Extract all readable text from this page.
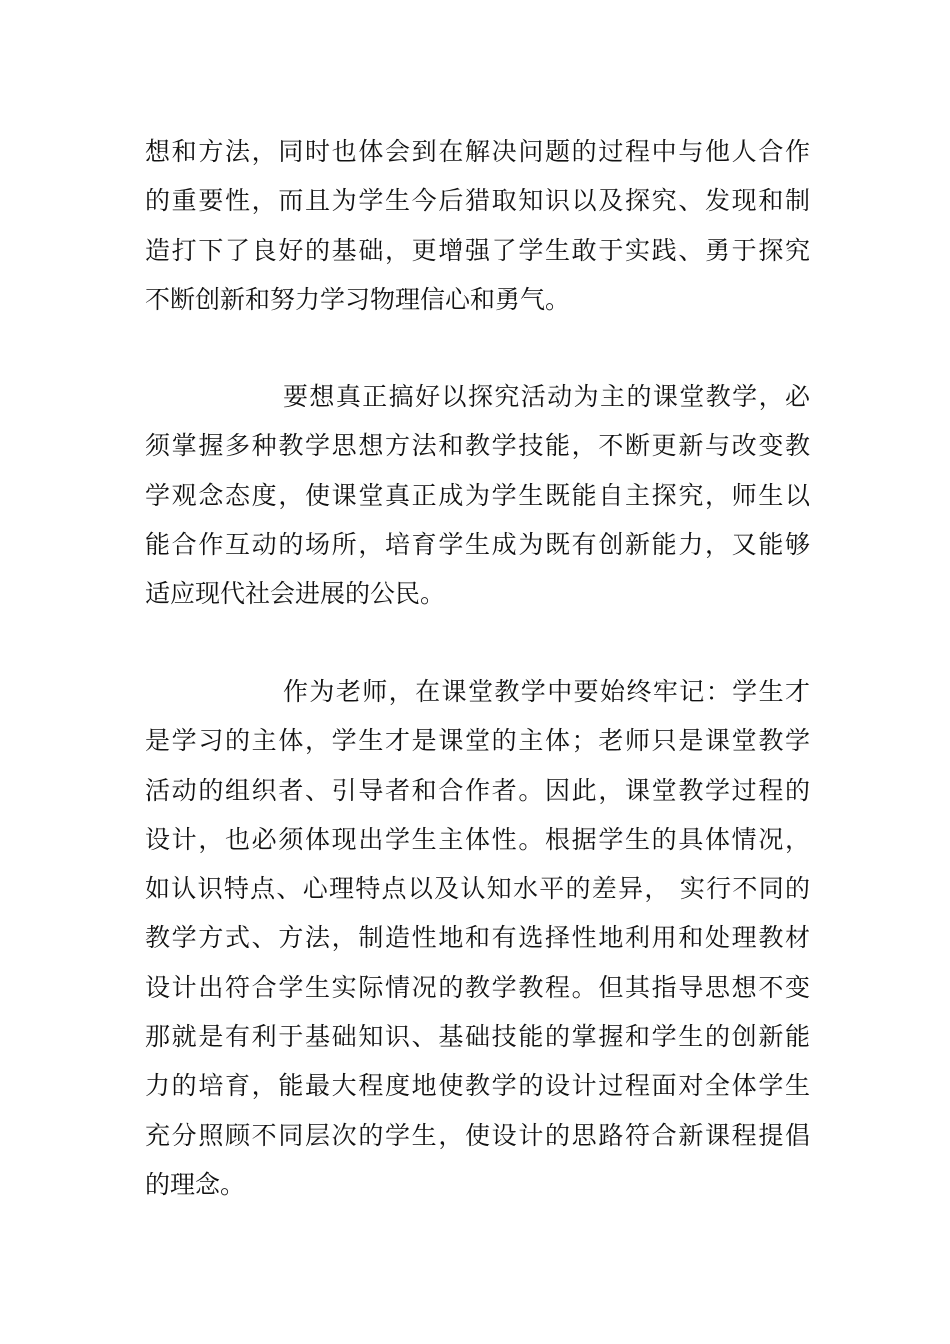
想和方法，同时也体会到在解决问题的过程中与他人合作
的重要性，而且为学生今后猎取知识以及探究、发现和制
造打下了良好的基础，更增强了学生敢于实践、勇于探究
不断创新和努力学习物理信心和勇气。
要想真正搞好以探究活动为主的课堂教学，必
须掌握多种教学思想方法和教学技能，不断更新与改变教
学观念态度，使课堂真正成为学生既能自主探究，师生以
能合作互动的场所，培育学生成为既有创新能力，又能够
适应现代社会进展的公民。
作为老师，在课堂教学中要始终牢记：学生才
是学习的主体，学生才是课堂的主体；老师只是课堂教学
活动的组织者、引导者和合作者。因此，课堂教学过程的
设计，也必须体现出学生主体性。根据学生的具体情况，
如认识特点、心理特点以及认知水平的差异， 实行不同的
教学方式、方法，制造性地和有选择性地利用和处理教材
设计出符合学生实际情况的教学教程。但其指导思想不变
那就是有利于基础知识、基础技能的掌握和学生的创新能
力的培育，能最大程度地使教学的设计过程面对全体学生
充分照顾不同层次的学生，使设计的思路符合新课程提倡
的理念。
